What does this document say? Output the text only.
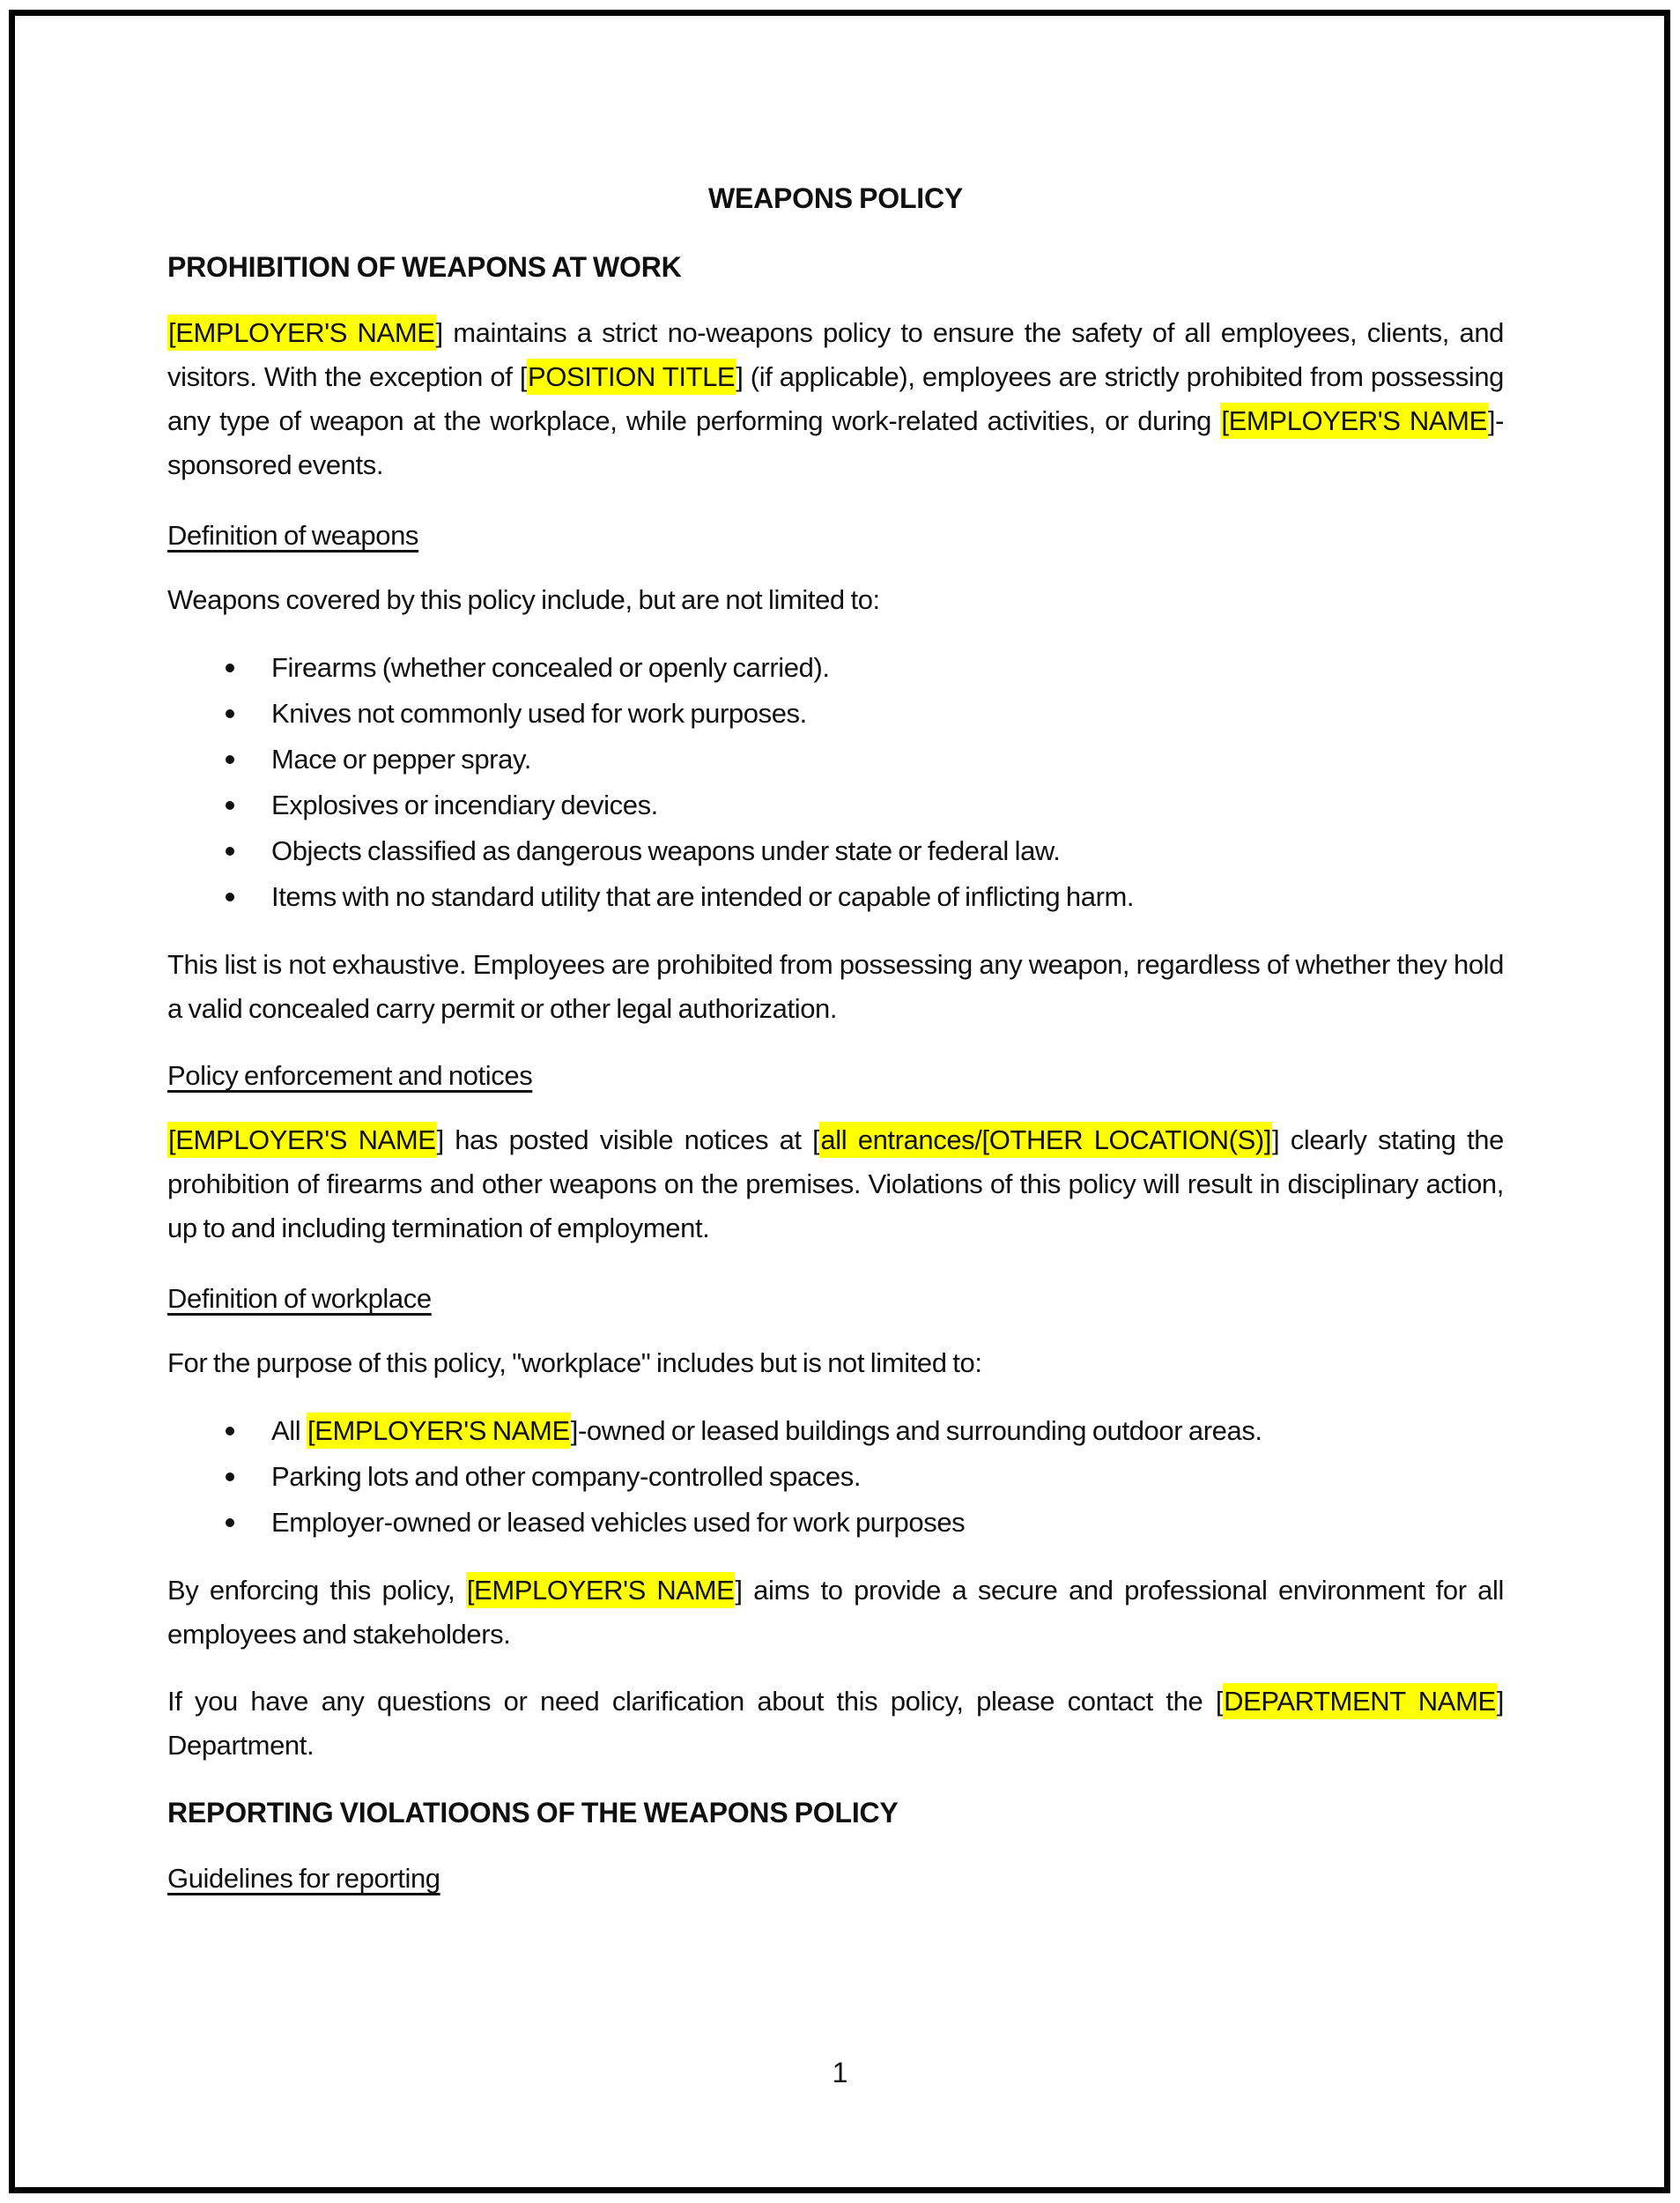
WEAPONS POLICY
PROHIBITION OF WEAPONS AT WORK

[EMPLOYER'S NAME] maintains a strict no-weapons policy to ensure the safety of all employees, clients, and visitors. With the exception of [POSITION TITLE] (if applicable), employees are strictly prohibited from possessing any type of weapon at the workplace, while performing work-related activities, or during [EMPLOYER'S NAME]-sponsored events.

Definition of weapons

Weapons covered by this policy include, but are not limited to:

Firearms (whether concealed or openly carried).
Knives not commonly used for work purposes.
Mace or pepper spray.
Explosives or incendiary devices.
Objects classified as dangerous weapons under state or federal law.
Items with no standard utility that are intended or capable of inflicting harm.

This list is not exhaustive. Employees are prohibited from possessing any weapon, regardless of whether they hold a valid concealed carry permit or other legal authorization.

Policy enforcement and notices

[EMPLOYER'S NAME] has posted visible notices at [all entrances/[OTHER LOCATION(S)]] clearly stating the prohibition of firearms and other weapons on the premises. Violations of this policy will result in disciplinary action, up to and including termination of employment.

Definition of workplace

For the purpose of this policy, "workplace" includes but is not limited to:

All [EMPLOYER'S NAME]-owned or leased buildings and surrounding outdoor areas.
Parking lots and other company-controlled spaces.
Employer-owned or leased vehicles used for work purposes

By enforcing this policy, [EMPLOYER'S NAME] aims to provide a secure and professional environment for all employees and stakeholders.

If you have any questions or need clarification about this policy, please contact the [DEPARTMENT NAME] Department.

REPORTING VIOLATIOONS OF THE WEAPONS POLICY
Guidelines for reporting
1
